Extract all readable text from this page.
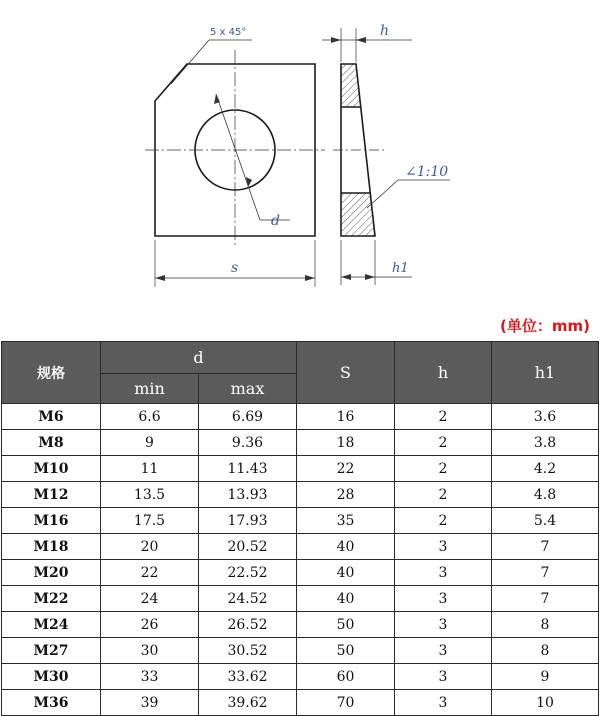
5 x 45°
d
s
h
∠1:10
h1
(单位：mm)
规格	d		S	h	h1
	min	max			
M6	6.6	6.69	16	2	3.6
M8	9	9.36	18	2	3.8
M10	11	11.43	22	2	4.2
M12	13.5	13.93	28	2	4.8
M16	17.5	17.93	35	2	5.4
M18	20	20.52	40	3	7
M20	22	22.52	40	3	7
M22	24	24.52	40	3	7
M24	26	26.52	50	3	8
M27	30	30.52	50	3	8
M30	33	33.62	60	3	9
M36	39	39.62	70	3	10
